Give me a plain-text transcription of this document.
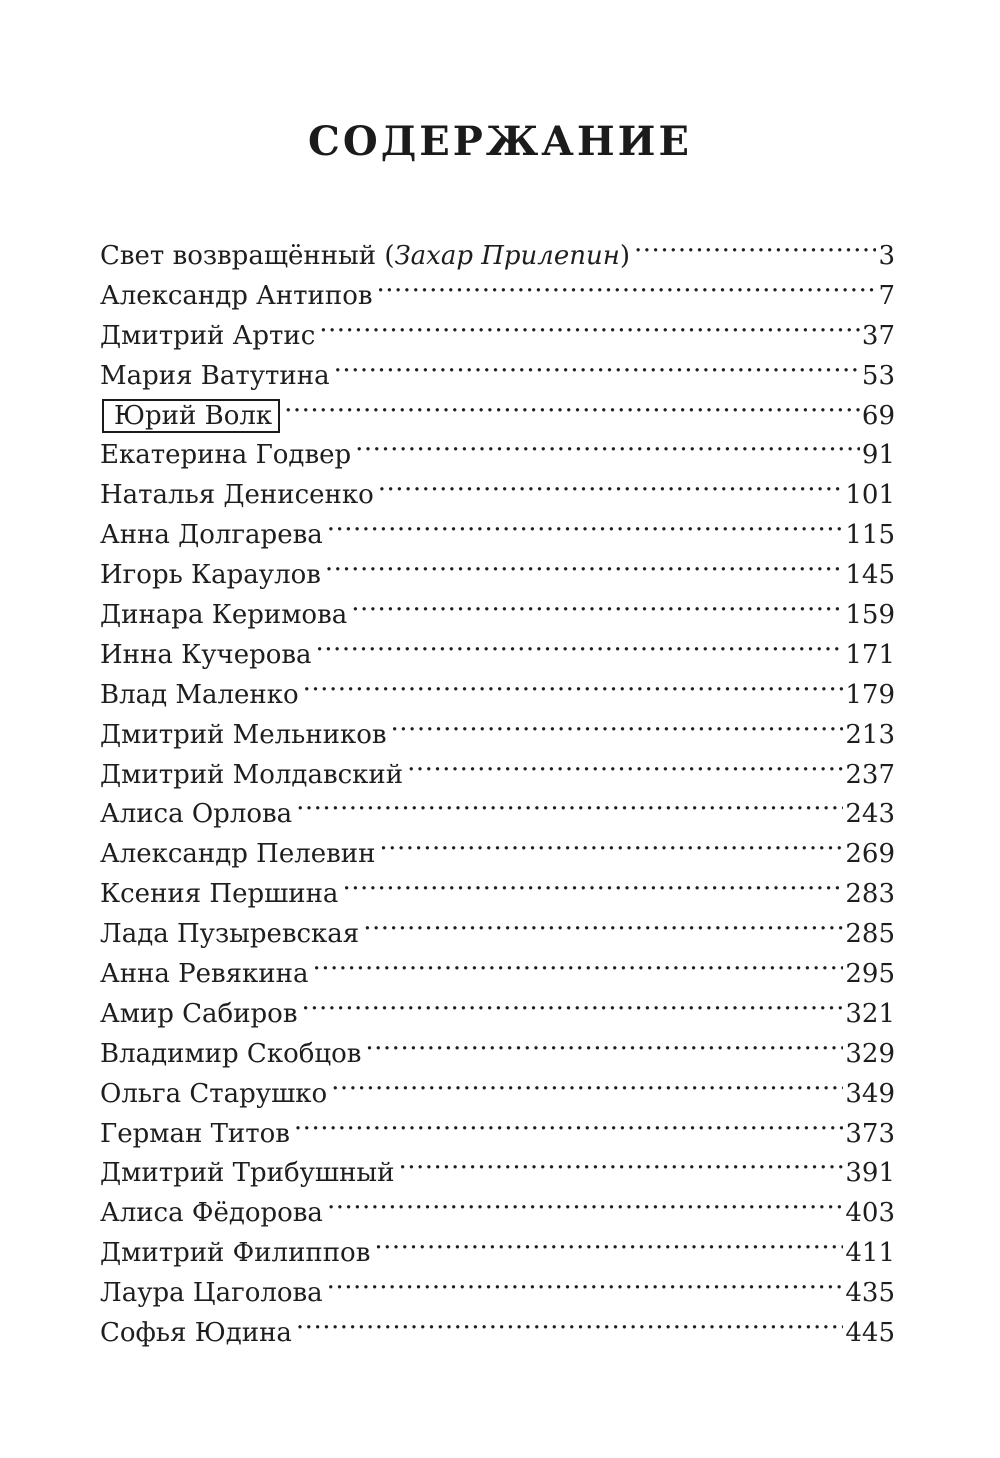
СОДЕРЖАНИЕ
Свет возвращённый (Захар Прилепин) .....	3
Александр Антипов .....	7
Дмитрий Артис .....	37
Мария Ватутина .....	53
Юрий Волк .....	69
Екатерина Годвер .....	91
Наталья Денисенко .....	101
Анна Долгарева .....	115
Игорь Караулов .....	145
Динара Керимова .....	159
Инна Кучерова .....	171
Влад Маленко .....	179
Дмитрий Мельников .....	213
Дмитрий Молдавский .....	237
Алиса Орлова .....	243
Александр Пелевин .....	269
Ксения Першина .....	283
Лада Пузыревская .....	285
Анна Ревякина .....	295
Амир Сабиров .....	321
Владимир Скобцов .....	329
Ольга Старушко .....	349
Герман Титов .....	373
Дмитрий Трибушный .....	391
Алиса Фёдорова .....	403
Дмитрий Филиппов .....	411
Лаура Цаголова .....	435
Софья Юдина .....	445
